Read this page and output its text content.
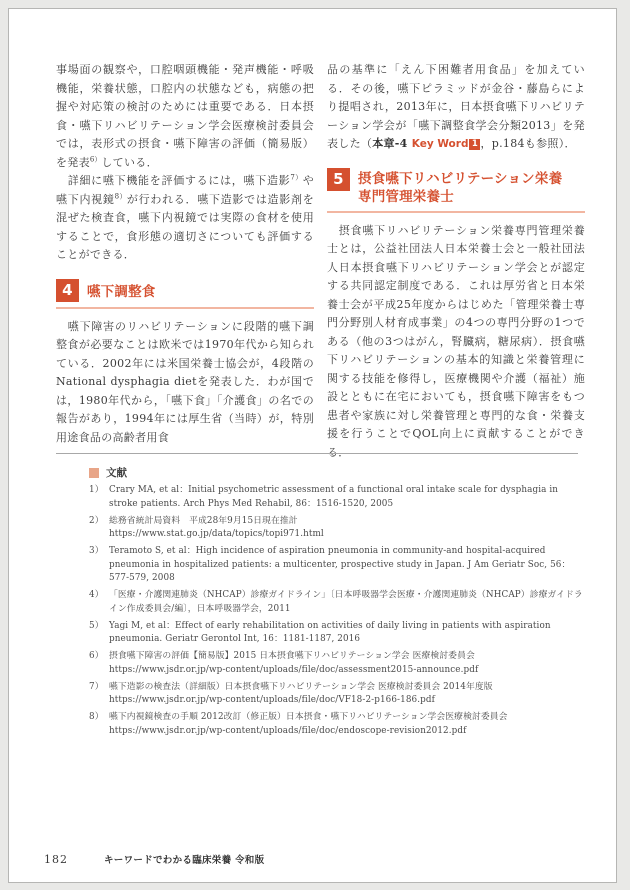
事場面の観察や，口腔咽頭機能・発声機能・呼吸機能，栄養状態，口腔内の状態なども，病態の把握や対応策の検討のためには重要である．日本摂食・嚥下リハビリテーション学会医療検討委員会では，表形式の摂食・嚥下障害の評価（簡易版）を発表$^{6)}$している．

　詳細に嚥下機能を評価するには，嚥下造影$^{7)}$や嚥下内視鏡$^{8)}$が行われる．嚥下造影では造影剤を混ぜた検査食，嚥下内視鏡では実際の食材を使用することで，食形態の適切さについても評価することができる．

4	嚥下調整食

　嚥下障害のリハビリテーションに段階的嚥下調整食が必要なことは欧米では1970年代から知られている．2002年には米国栄養士協会が，4段階のNational dysphagia dietを発表した．わが国では，1980年代から，「嚥下食」「介護食」の名での報告があり，1994年には厚生省（当時）が，特別用途食品の高齢者用食

品の基準に「えん下困難者用食品」を加えている．その後，嚥下ピラミッドが金谷・藤島らにより提唱され，2013年に，日本摂食嚥下リハビリテーション学会が「嚥下調整食学会分類2013」を発表した（本章-4 Key Word 1 ，p.184も参照）．

5	摂食嚥下リハビリテーション栄養
専門管理栄養士

　摂食嚥下リハビリテーション栄養専門管理栄養士とは，公益社団法人日本栄養士会と一般社団法人日本摂食嚥下リハビリテーション学会とが認定する共同認定制度である．これは厚労省と日本栄養士会が平成25年度からはじめた「管理栄養士専門分野別人材育成事業」の4つの専門分野の1つである（他の3つはがん，腎臓病，糖尿病）．摂食嚥下リハビリテーションの基本的知識と栄養管理に関する技能を修得し，医療機関や介護（福祉）施設とともに在宅においても，摂食嚥下障害をもつ患者や家族に対し栄養管理と専門的な食・栄養支援を行うことでQOL向上に貢献することができる．

文献
1） Crary MA, et al：Initial psychometric assessment of a functional oral intake scale for dysphagia in stroke patients. Arch Phys Med Rehabil, 86：1516-1520, 2005
2） 総務省統計局資料　平成28年9月15日現在推計
https://www.stat.go.jp/data/topics/topi971.html
3） Teramoto S, et al：High incidence of aspiration pneumonia in community-and hospital-acquired pneumonia in hospitalized patients: a multicenter, prospective study in Japan. J Am Geriatr Soc, 56：577-579, 2008
4） 「医療・介護関連肺炎（NHCAP）診療ガイドライン」〔日本呼吸器学会医療・介護関連肺炎（NHCAP）診療ガイドライン作成委員会/編〕，日本呼吸器学会，2011
5） Yagi M, et al：Effect of early rehabilitation on activities of daily living in patients with aspiration pneumonia. Geriatr Gerontol Int, 16：1181-1187, 2016
6） 摂食嚥下障害の評価【簡易版】2015 日本摂食嚥下リハビリテーション学会 医療検討委員会
https://www.jsdr.or.jp/wp-content/uploads/file/doc/assessment2015-announce.pdf
7） 嚥下造影の検査法（詳細版）日本摂食嚥下リハビリテーション学会 医療検討委員会 2014年度版
https://www.jsdr.or.jp/wp-content/uploads/file/doc/VF18-2-p166-186.pdf
8） 嚥下内視鏡検査の手順 2012改訂（修正版）日本摂食・嚥下リハビリテーション学会医療検討委員会
https://www.jsdr.or.jp/wp-content/uploads/file/doc/endoscope-revision2012.pdf
182	キーワードでわかる臨床栄養 令和版
